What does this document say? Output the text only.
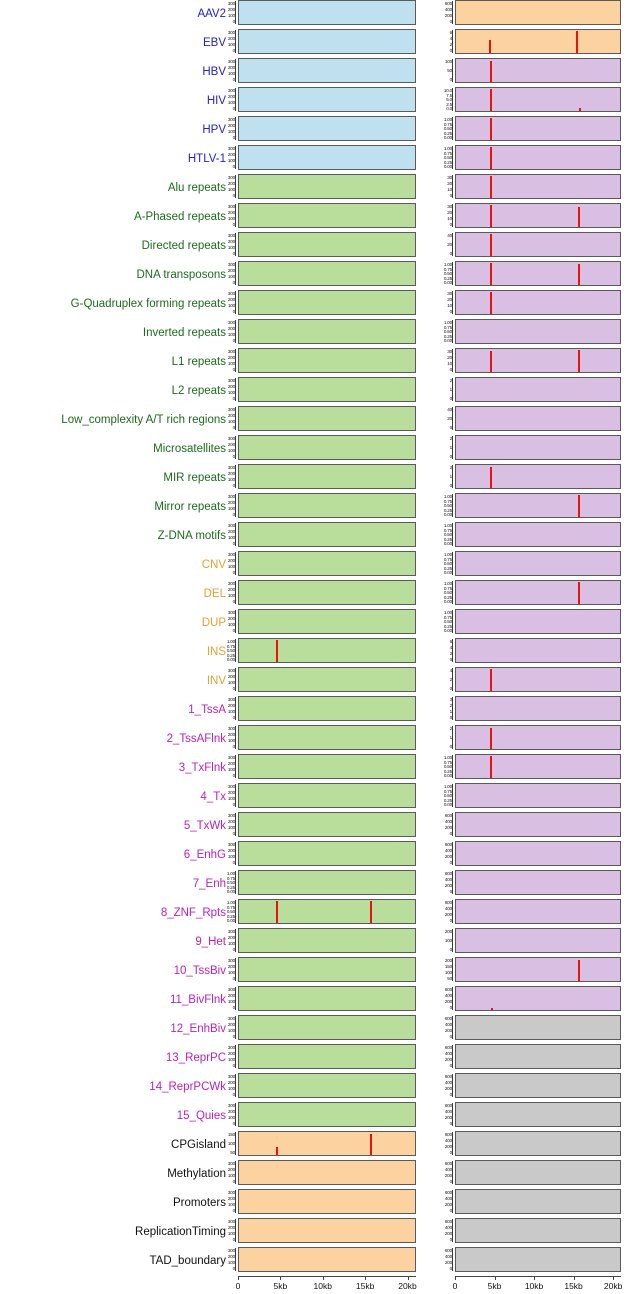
AAV2
EBV
HBV
HIV
HPV
HTLV-1
Alu repeats
A-Phased repeats
Directed repeats
DNA transposons
G-Quadruplex forming repeats
Inverted repeats
L1 repeats
L2 repeats
Low_complexity A/T rich regions
Microsatellites
MIR repeats
Mirror repeats
Z-DNA motifs
CNV
DEL
DUP
INS
INV
1_TssA
2_TssAFlnk
3_TxFlnk
4_Tx
5_TxWk
6_EnhG
7_Enh
8_ZNF_Rpts
9_Het
10_TssBiv
11_BivFlnk
12_EnhBiv
13_ReprPC
14_ReprPCWk
15_Quies
CPGisland
Methylation
Promoters
ReplicationTiming
TAD_boundary
300
200
100
0
300
200
100
0
300
200
100
0
300
200
100
0
300
200
100
0
300
200
100
0
300
200
100
0
300
200
100
0
300
200
100
0
300
200
100
0
300
200
100
0
300
200
100
0
300
200
100
0
300
200
100
0
300
200
100
0
300
200
100
0
300
200
100
0
300
200
100
0
300
200
100
0
300
200
100
0
300
200
100
0
300
200
100
0
1.00
0.75
0.50
0.25
0.00
300
200
100
0
300
200
100
0
300
200
100
0
300
200
100
0
300
200
100
0
300
200
100
0
300
200
100
0
1.00
0.75
0.50
0.25
0.00
1.00
0.75
0.50
0.25
0.00
300
200
100
0
300
200
100
0
300
200
100
0
300
200
100
0
300
200
100
0
300
200
100
0
300
200
100
0
150
100
50
300
200
100
0
300
200
100
0
300
200
100
0
300
200
100
0
600
400
200
0
6
4
2
0
100
50
0
10.0
7.5
5.0
2.5
0.0
1.00
0.75
0.50
0.25
0.00
1.00
0.75
0.50
0.25
0.00
30
20
10
0
30
20
10
0
40
20
0
1.00
0.75
0.50
0.25
0.00
30
20
10
0
1.00
0.75
0.50
0.25
0.00
30
20
10
0
2
1
0
40
20
0
2
1
0
2
1
0
1.00
0.75
0.50
0.25
0.00
1.00
0.75
0.50
0.25
0.00
1.00
0.75
0.50
0.25
0.00
1.00
0.75
0.50
0.25
0.00
1.00
0.75
0.50
0.25
0.00
6
4
2
0
4
2
0
3
2
1
0
2
1
0
1.00
0.75
0.50
0.25
0.00
1.00
0.75
0.50
0.25
0.00
600
400
200
0
600
400
200
0
600
400
200
0
600
400
200
0
200
100
0
200
150
100
50
600
400
200
0
600
400
200
0
600
400
200
0
600
400
200
0
600
400
200
0
600
400
200
0
600
400
200
0
600
400
200
0
600
400
200
0
600
400
200
0
0	5kb	10kb	15kb	20kb	0	5kb	10kb 15kb 20kb
